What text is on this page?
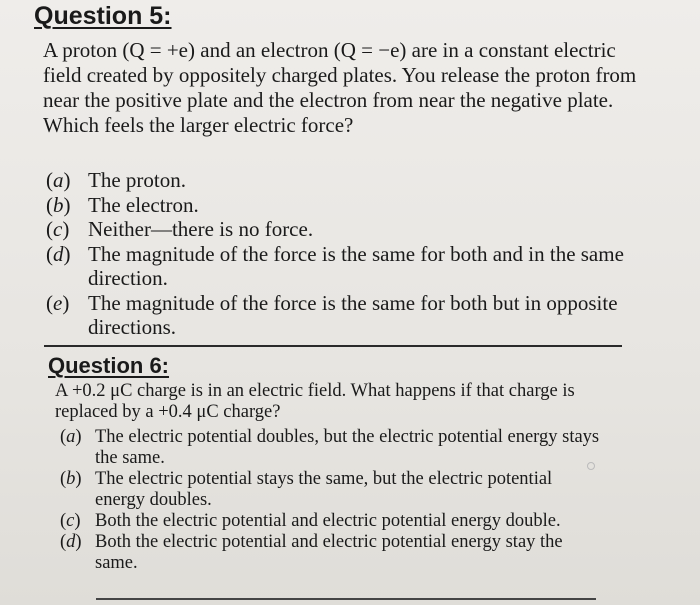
Question 5:
A proton (Q = +e) and an electron (Q = −e) are in a constant electric field created by oppositely charged plates. You release the proton from near the positive plate and the electron from near the negative plate. Which feels the larger electric force?
(a) The proton.
(b) The electron.
(c) Neither—there is no force.
(d) The magnitude of the force is the same for both and in the same direction.
(e) The magnitude of the force is the same for both but in opposite directions.
Question 6:
A +0.2 μC charge is in an electric field. What happens if that charge is replaced by a +0.4 μC charge?
(a) The electric potential doubles, but the electric potential energy stays the same.
(b) The electric potential stays the same, but the electric potential energy doubles.
(c) Both the electric potential and electric potential energy double.
(d) Both the electric potential and electric potential energy stay the same.
